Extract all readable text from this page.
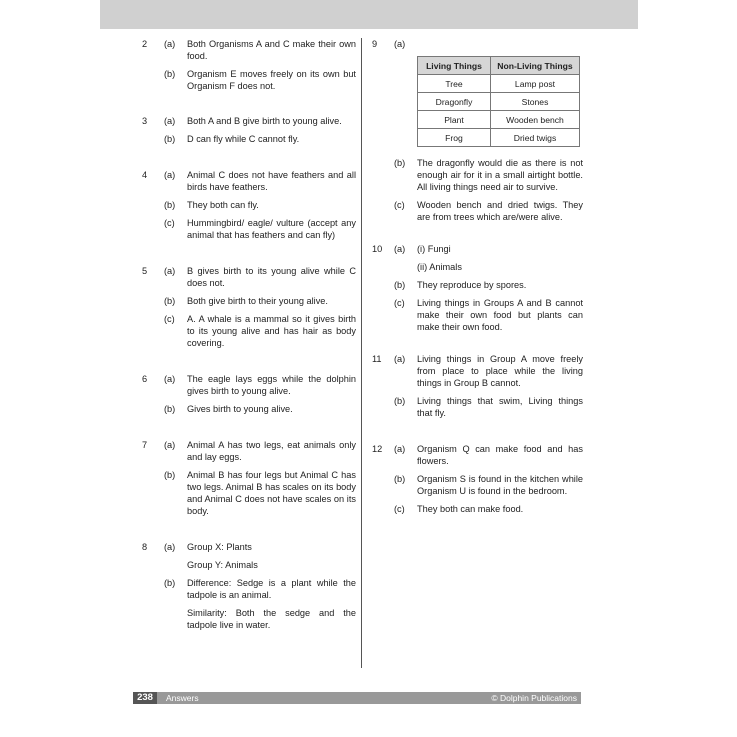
2	(a)	Both Organisms A and C make their own food.
(b)	Organism E moves freely on its own but Organism F does not.
3	(a)	Both A and B give birth to young alive.
(b)	D can fly while C cannot fly.
4	(a)	Animal C does not have feathers and all birds have feathers.
(b)	They both can fly.
(c)	Hummingbird/ eagle/ vulture (accept any animal that has feathers and can fly)
5	(a)	B gives birth to its young alive while C does not.
(b)	Both give birth to their young alive.
(c)	A. A whale is a mammal so it gives birth to its young alive and has hair as body covering.
6	(a)	The eagle lays eggs while the dolphin gives birth to young alive.
(b)	Gives birth to young alive.
7	(a)	Animal A has two legs, eat animals only and lay eggs.
(b)	Animal B has four legs but Animal C has two legs. Animal B has scales on its body and Animal C does not have scales on its body.
8	(a)	Group X: Plants
Group Y: Animals
(b)	Difference: Sedge is a plant while the tadpole is an animal.
Similarity: Both the sedge and the tadpole live in water.
9	(a)
Living Things	Non-Living Things
Tree	Lamp post
Dragonfly	Stones
Plant	Wooden bench
Frog	Dried twigs
(b)	The dragonfly would die as there is not enough air for it in a small airtight bottle. All living things need air to survive.
(c)	Wooden bench and dried twigs. They are from trees which are/were alive.
10	(a)	(i) Fungi
(ii) Animals
(b)	They reproduce by spores.
(c)	Living things in Groups A and B cannot make their own food but plants can make their own food.
11	(a)	Living things in Group A move freely from place to place while the living things in Group B cannot.
(b)	Living things that swim, Living things that fly.
12	(a)	Organism Q can make food and has flowers.
(b)	Organism S is found in the kitchen while Organism U is found in the bedroom.
(c)	They both can make food.
238	Answers	© Dolphin Publications
